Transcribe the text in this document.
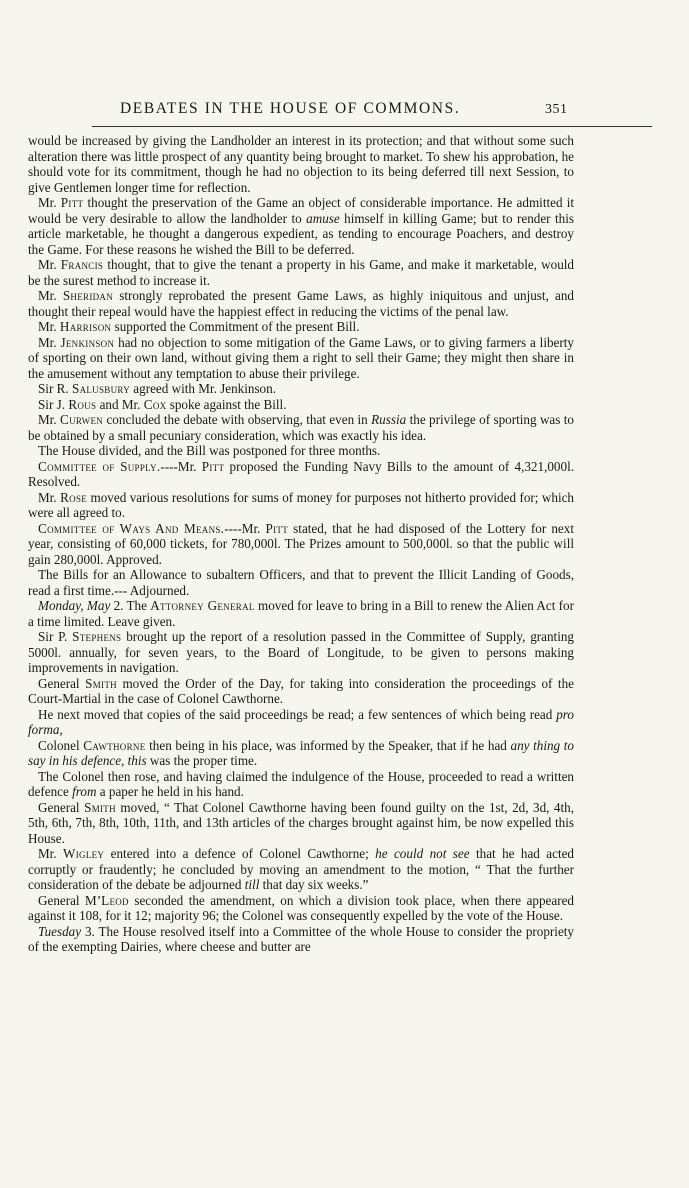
DEBATES IN THE HOUSE OF COMMONS.	351

would be increased by giving the Landholder an interest in its protection; and that without some such alteration there was little prospect of any quantity being brought to market. To shew his approbation, he should vote for its commitment, though he had no objection to its being deferred till next Session, to give Gentlemen longer time for reflection.

Mr. Pitt thought the preservation of the Game an object of considerable importance. He admitted it would be very desirable to allow the landholder to amuse himself in killing Game; but to render this article marketable, he thought a dangerous expedient, as tending to encourage Poachers, and destroy the Game. For these reasons he wished the Bill to be deferred.

Mr. Francis thought, that to give the tenant a property in his Game, and make it marketable, would be the surest method to increase it.

Mr. Sheridan strongly reprobated the present Game Laws, as highly iniquitous and unjust, and thought their repeal would have the happiest effect in reducing the victims of the penal law.

Mr. Harrison supported the Commitment of the present Bill.

Mr. Jenkinson had no objection to some mitigation of the Game Laws, or to giving farmers a liberty of sporting on their own land, without giving them a right to sell their Game; they might then share in the amusement without any temptation to abuse their privilege.

Sir R. Salusbury agreed with Mr. Jenkinson.

Sir J. Rous and Mr. Cox spoke against the Bill.

Mr. Curwen concluded the debate with observing, that even in Russia the privilege of sporting was to be obtained by a small pecuniary consideration, which was exactly his idea.

The House divided, and the Bill was postponed for three months.

Committee of Supply.----Mr. Pitt proposed the Funding Navy Bills to the amount of 4,321,000l. Resolved.

Mr. Rose moved various resolutions for sums of money for purposes not hitherto provided for; which were all agreed to.

Committee of Ways And Means.----Mr. Pitt stated, that he had disposed of the Lottery for next year, consisting of 60,000 tickets, for 780,000l. The Prizes amount to 500,000l. so that the public will gain 280,000l. Approved.

The Bills for an Allowance to subaltern Officers, and that to prevent the Illicit Landing of Goods, read a first time.--- Adjourned.

Monday, May 2. The Attorney General moved for leave to bring in a Bill to renew the Alien Act for a time limited. Leave given.

Sir P. Stephens brought up the report of a resolution passed in the Committee of Supply, granting 5000l. annually, for seven years, to the Board of Longitude, to be given to persons making improvements in navigation.

General Smith moved the Order of the Day, for taking into consideration the proceedings of the Court-Martial in the case of Colonel Cawthorne.

He next moved that copies of the said proceedings be read; a few sentences of which being read pro forma,

Colonel Cawthorne then being in his place, was informed by the Speaker, that if he had any thing to say in his defence, this was the proper time.

The Colonel then rose, and having claimed the indulgence of the House, proceeded to read a written defence from a paper he held in his hand.

General Smith moved, “ That Colonel Cawthorne having been found guilty on the 1st, 2d, 3d, 4th, 5th, 6th, 7th, 8th, 10th, 11th, and 13th articles of the charges brought against him, be now expelled this House.

Mr. Wigley entered into a defence of Colonel Cawthorne; he could not see that he had acted corruptly or fraudently; he concluded by moving an amendment to the motion, “ That the further consideration of the debate be adjourned till that day six weeks.”

General M’Leod seconded the amendment, on which a division took place, when there appeared against it 108, for it 12; majority 96; the Colonel was consequently expelled by the vote of the House.

Tuesday 3. The House resolved itself into a Committee of the whole House to consider the propriety of the exempting Dairies, where cheese and butter are
